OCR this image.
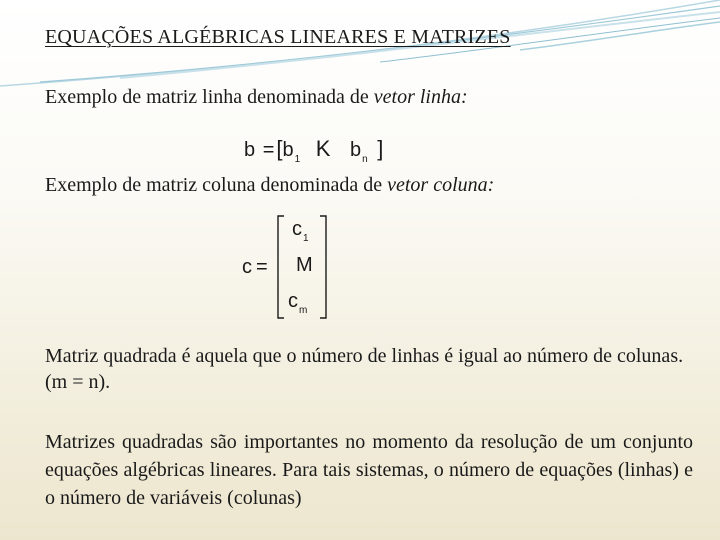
EQUAÇÕES ALGÉBRICAS LINEARES E MATRIZES
Exemplo de matriz linha denominada de vetor linha:
$b =[b_1$ K $b_n$ ]
Exemplo de matriz coluna denominada de vetor coluna:
c =
$c_1$
M
$c_m$
Matriz quadrada é aquela que o número de linhas é igual ao número de colunas. (m = n).
Matrizes quadradas são importantes no momento da resolução de um conjunto equações algébricas lineares. Para tais sistemas, o número de equações (linhas) e o número de variáveis (colunas)
